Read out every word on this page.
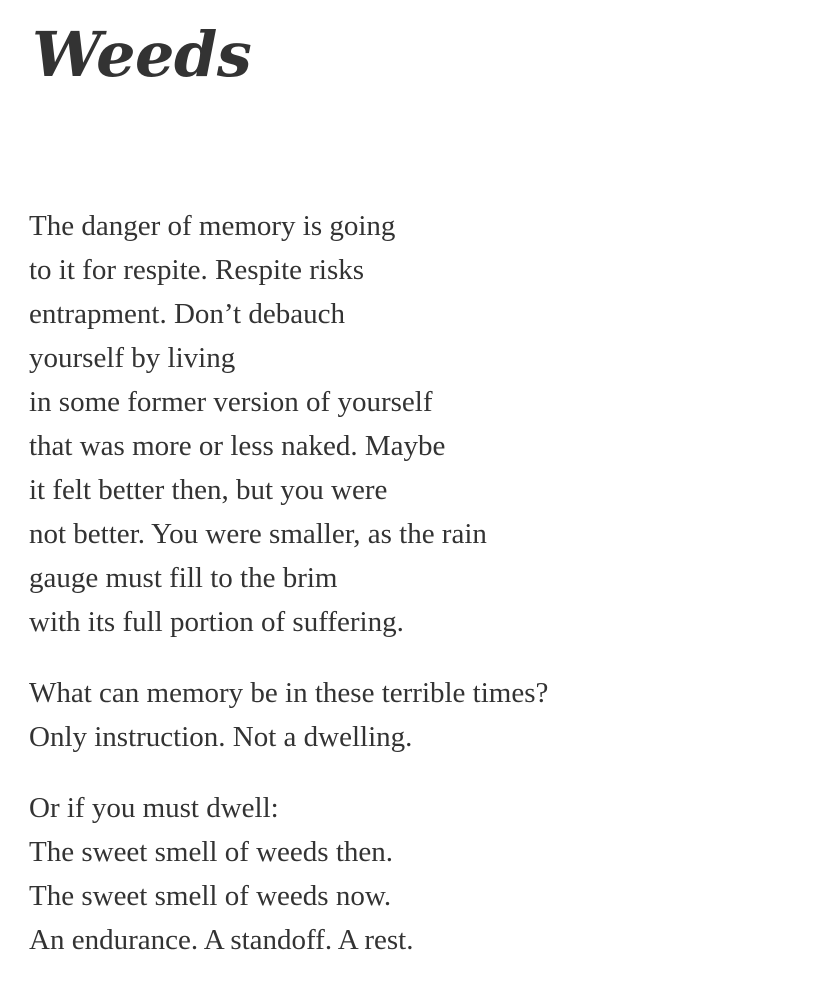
Weeds
The danger of memory is going
to it for respite. Respite risks
entrapment. Don’t debauch
yourself by living
in some former version of yourself
that was more or less naked. Maybe
it felt better then, but you were
not better. You were smaller, as the rain
gauge must fill to the brim
with its full portion of suffering.
What can memory be in these terrible times?
Only instruction. Not a dwelling.
Or if you must dwell:
The sweet smell of weeds then.
The sweet smell of weeds now.
An endurance. A standoff. A rest.
